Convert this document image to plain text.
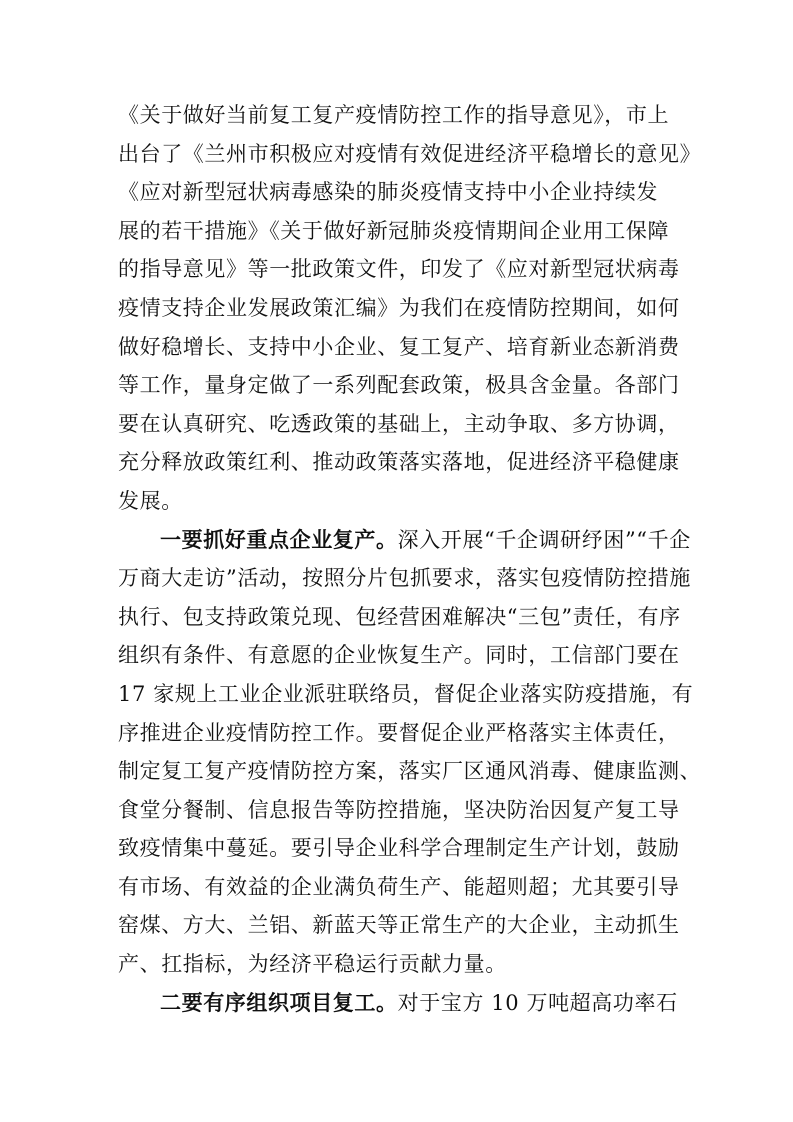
《关于做好当前复工复产疫情防控工作的指导意见》，市上
出台了《兰州市积极应对疫情有效促进经济平稳增长的意见》
《应对新型冠状病毒感染的肺炎疫情支持中小企业持续发
展的若干措施》《关于做好新冠肺炎疫情期间企业用工保障
的指导意见》等一批政策文件，印发了《应对新型冠状病毒
疫情支持企业发展政策汇编》为我们在疫情防控期间，如何
做好稳增长、支持中小企业、复工复产、培育新业态新消费
等工作，量身定做了一系列配套政策，极具含金量。各部门
要在认真研究、吃透政策的基础上，主动争取、多方协调，
充分释放政策红利、推动政策落实落地，促进经济平稳健康
发展。
一要抓好重点企业复产。深入开展“千企调研纾困”“千企
万商大走访”活动，按照分片包抓要求，落实包疫情防控措施
执行、包支持政策兑现、包经营困难解决“三包”责任，有序
组织有条件、有意愿的企业恢复生产。同时，工信部门要在
17 家规上工业企业派驻联络员，督促企业落实防疫措施，有
序推进企业疫情防控工作。要督促企业严格落实主体责任，
制定复工复产疫情防控方案，落实厂区通风消毒、健康监测、
食堂分餐制、信息报告等防控措施，坚决防治因复产复工导
致疫情集中蔓延。要引导企业科学合理制定生产计划，鼓励
有市场、有效益的企业满负荷生产、能超则超；尤其要引导
窑煤、方大、兰铝、新蓝天等正常生产的大企业，主动抓生
产、扛指标，为经济平稳运行贡献力量。
二要有序组织项目复工。对于宝方 10 万吨超高功率石
